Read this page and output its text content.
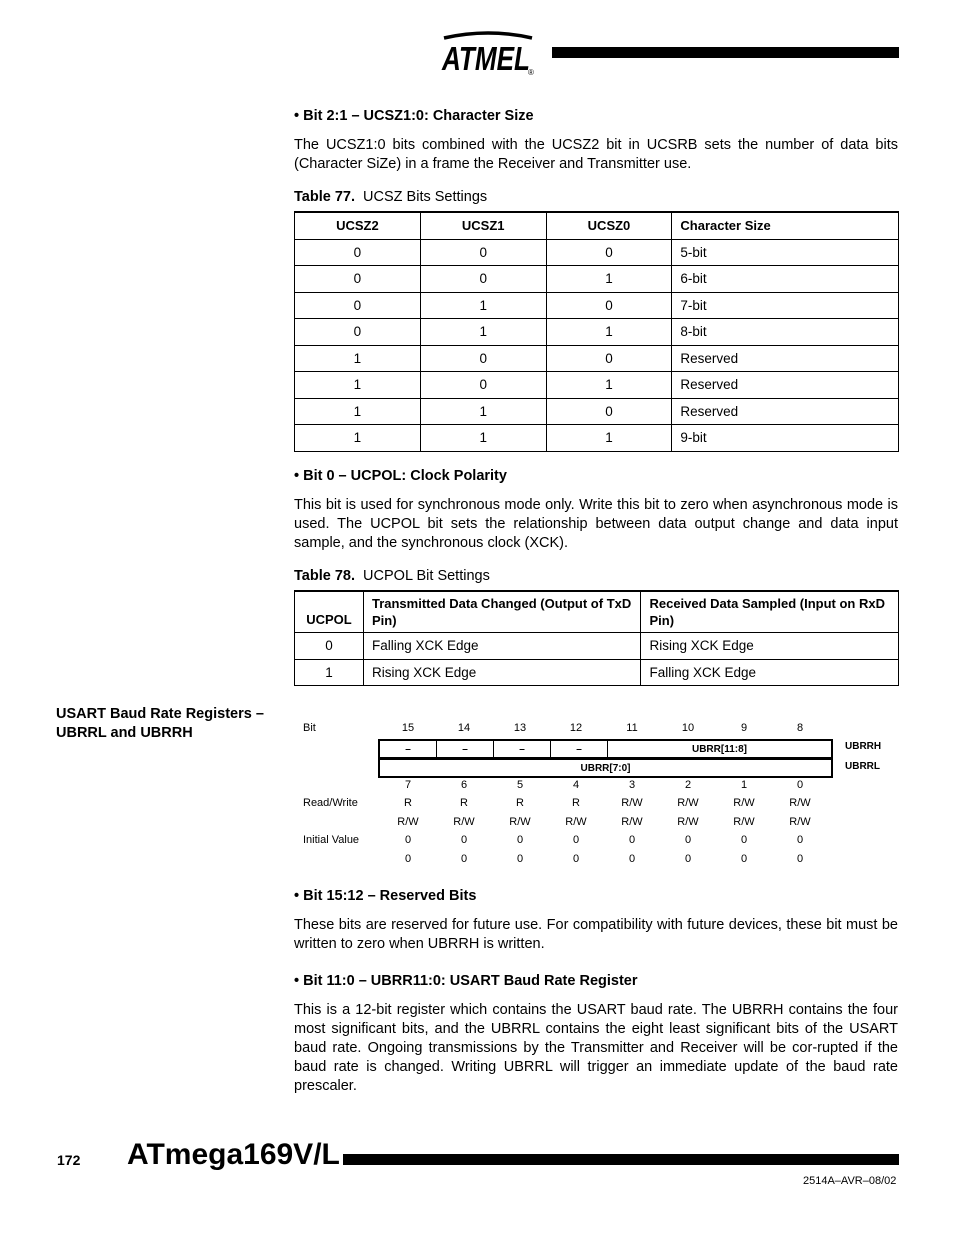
ATMEL
®
• Bit 2:1 – UCSZ1:0: Character Size
The UCSZ1:0 bits combined with the UCSZ2 bit in UCSRB sets the number of data bits (Character SiZe) in a frame the Receiver and Transmitter use.
Table 77. UCSZ Bits Settings
UCSZ2	UCSZ1	UCSZ0	Character Size
0	0	0	5-bit
0	0	1	6-bit
0	1	0	7-bit
0	1	1	8-bit
1	0	0	Reserved
1	0	1	Reserved
1	1	0	Reserved
1	1	1	9-bit
• Bit 0 – UCPOL: Clock Polarity
This bit is used for synchronous mode only. Write this bit to zero when asynchronous mode is used. The UCPOL bit sets the relationship between data output change and data input sample, and the synchronous clock (XCK).
Table 78. UCPOL Bit Settings
UCPOL	Transmitted Data Changed (Output of TxD Pin)	Received Data Sampled (Input on RxD Pin)
0	Falling XCK Edge	Rising XCK Edge
1	Rising XCK Edge	Falling XCK Edge
USART Baud Rate Registers –
UBRRL and UBRRH	Bit	15	14	13	12	11	10	9	8
–	–	–	–	UBRR[11:8]	UBRRH
UBRR[7:0]	UBRRL
7	6	5	4	3	2	1	0
Read/Write	R	R	R	R	R/W	R/W	R/W	R/W
R/W	R/W	R/W	R/W	R/W	R/W	R/W	R/W
Initial Value	0	0	0	0	0	0	0	0
0	0	0	0	0	0	0	0
• Bit 15:12 – Reserved Bits
These bits are reserved for future use. For compatibility with future devices, these bit must be written to zero when UBRRH is written.
• Bit 11:0 – UBRR11:0: USART Baud Rate Register
This is a 12-bit register which contains the USART baud rate. The UBRRH contains the four most significant bits, and the UBRRL contains the eight least significant bits of the USART baud rate. Ongoing transmissions by the Transmitter and Receiver will be cor-rupted if the baud rate is changed. Writing UBRRL will trigger an immediate update of the baud rate prescaler.
172 ATmega169V/L
2514A–AVR–08/02
